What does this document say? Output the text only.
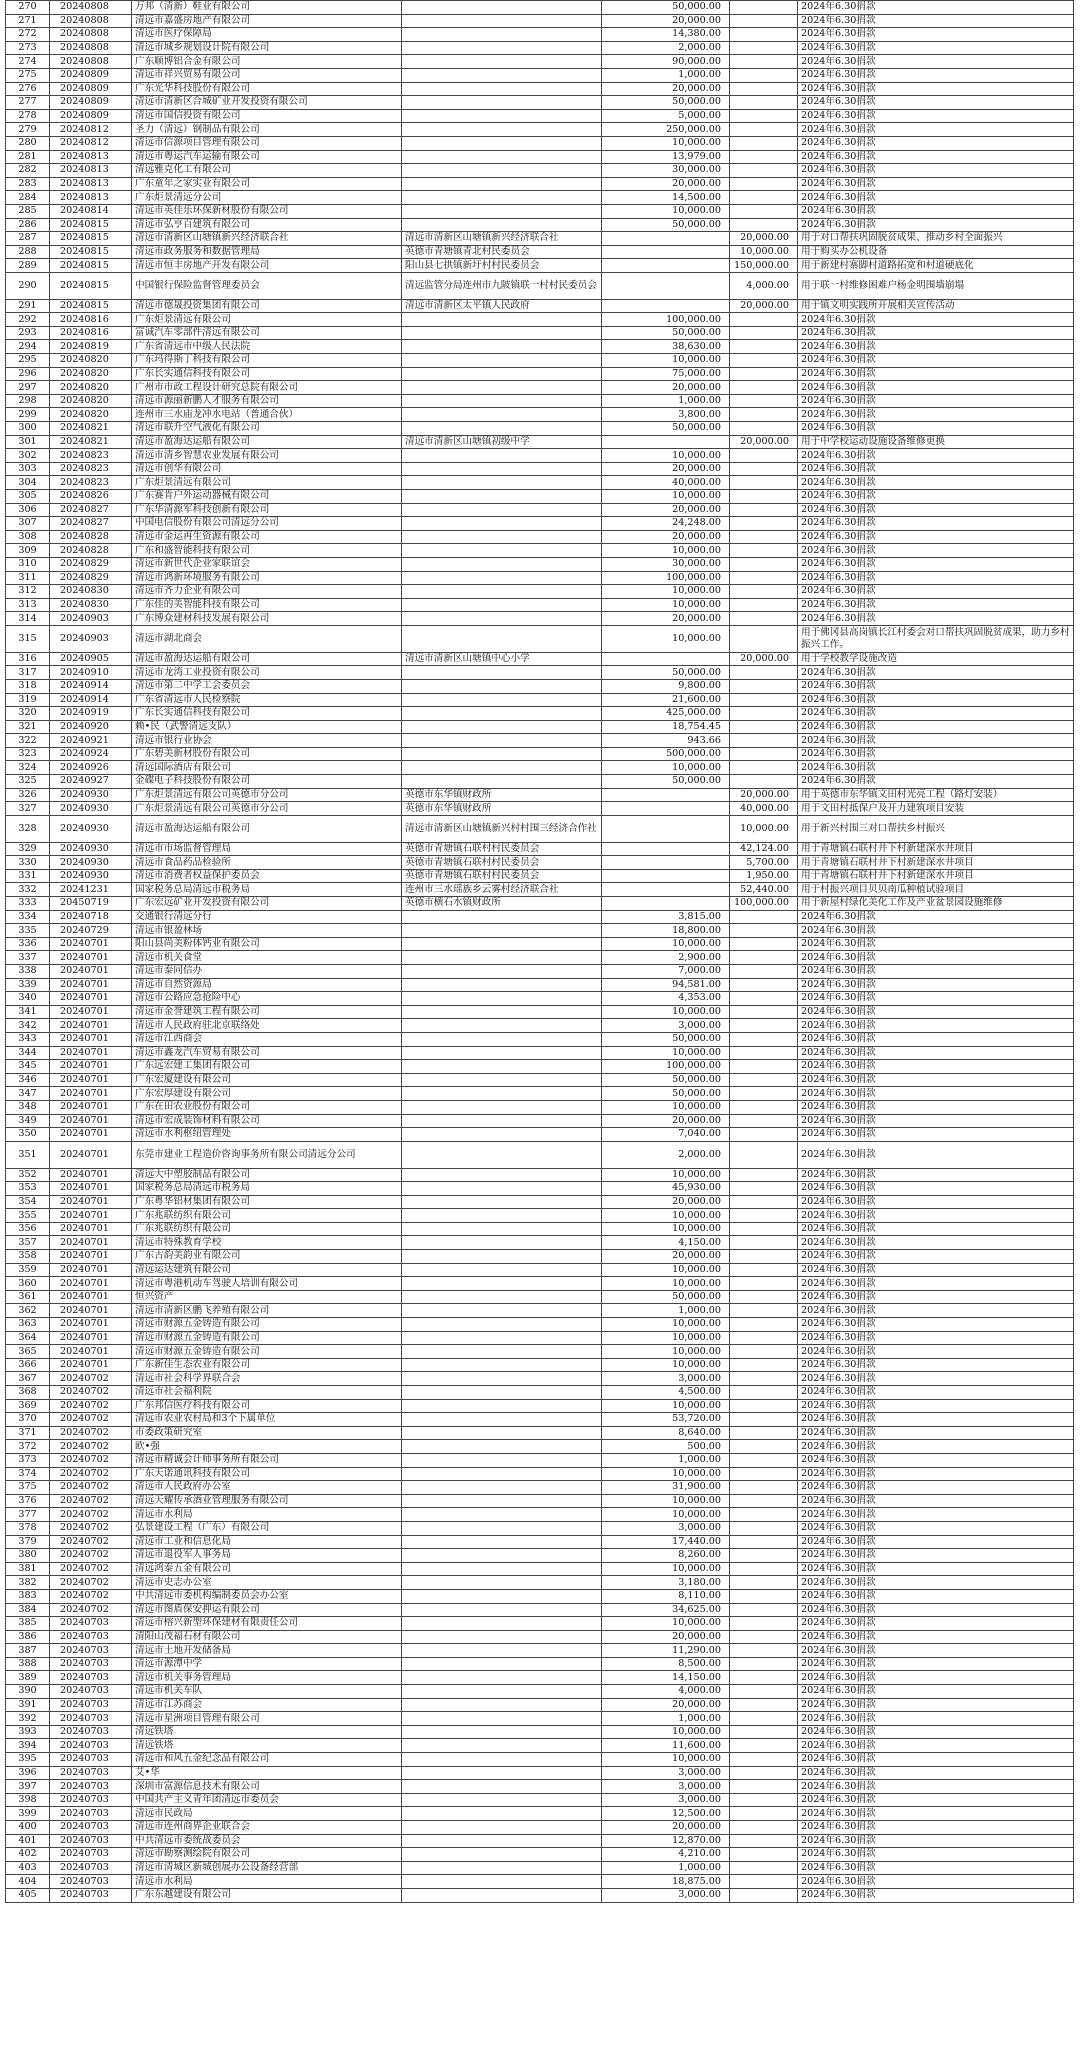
270	20240808	万邦（清新）鞋业有限公司		50,000.00		2024年6.30捐款
271	20240808	清远市嘉盛房地产有限公司		20,000.00		2024年6.30捐款
272	20240808	清远市医疗保障局		14,380.00		2024年6.30捐款
273	20240808	清远市城乡规划设计院有限公司		2,000.00		2024年6.30捐款
274	20240808	广东顺博铝合金有限公司		90,000.00		2024年6.30捐款
275	20240809	清远市祥兴贸易有限公司		1,000.00		2024年6.30捐款
276	20240809	广东光华科技股份有限公司		20,000.00		2024年6.30捐款
277	20240809	清远市清新区合城矿业开发投资有限公司		50,000.00		2024年6.30捐款
278	20240809	清远市国信投资有限公司		5,000.00		2024年6.30捐款
279	20240812	圣力（清远）钢制品有限公司		250,000.00		2024年6.30捐款
280	20240812	清远市信源项目管理有限公司		10,000.00		2024年6.30捐款
281	20240813	清远市粤运汽车运输有限公司		13,979.00		2024年6.30捐款
282	20240813	清远雅克化工有限公司		30,000.00		2024年6.30捐款
283	20240813	广东童年之家实业有限公司		20,000.00		2024年6.30捐款
284	20240813	广东炬景清远分公司		14,500.00		2024年6.30捐款
285	20240814	清远市英佳乐环保新材股份有限公司		10,000.00		2024年6.30捐款
286	20240815	清远市弘亨百建筑有限公司		50,000.00		2024年6.30捐款
287	20240815	清远市清新区山塘镇新兴经济联合社	清远市清新区山塘镇新兴经济联合社		20,000.00	用于对口帮扶巩固脱贫成果、推动乡村全面振兴
288	20240815	清远市政务服务和数据管理局	英德市青塘镇青北村民委员会		10,000.00	用于购买办公机设备
289	20240815	清远市恒丰房地产开发有限公司	阳山县七拱镇新圩村村民委员会		150,000.00	用于新建村寨脚村道路拓宽和村道硬底化
290	20240815	中国银行保险监督管理委员会	清远监管分局连州市九陂镇联一村村民委员会		4,000.00	用于联一村维修困难户杨金明围墙崩塌
291	20240815	清远市德晟投资集团有限公司	清远市清新区太平镇人民政府		20,000.00	用于镇文明实践所开展相关宣传活动
292	20240816	广东炬景清远有限公司		100,000.00		2024年6.30捐款
293	20240816	富诚汽车零部件清远有限公司		50,000.00		2024年6.30捐款
294	20240819	广东省清远市中级人民法院		38,630.00		2024年6.30捐款
295	20240820	广东玛得斯丁科技有限公司		10,000.00		2024年6.30捐款
296	20240820	广东长实通信科技有限公司		75,000.00		2024年6.30捐款
297	20240820	广州市市政工程设计研究总院有限公司		20,000.00		2024年6.30捐款
298	20240820	清远市源丽新鹏人才服务有限公司		1,000.00		2024年6.30捐款
299	20240820	连州市三水庙龙冲水电站（普通合伙）		3,800.00		2024年6.30捐款
300	20240821	清远市联升空气液化有限公司		50,000.00		2024年6.30捐款
301	20240821	清远市盈海达运船有限公司	清远市清新区山塘镇初级中学		20,000.00	用于中学校运动设施设备维修更换
302	20240823	清远市清乡智慧农业发展有限公司		10,000.00		2024年6.30捐款
303	20240823	清远市创华有限公司		20,000.00		2024年6.30捐款
304	20240823	广东炬景清远有限公司		40,000.00		2024年6.30捐款
305	20240826	广东赛肯户外运动器械有限公司		10,000.00		2024年6.30捐款
306	20240827	广东华清源军科技创新有限公司		20,000.00		2024年6.30捐款
307	20240827	中国电信股份有限公司清远分公司		24,248.00		2024年6.30捐款
308	20240828	清远市金运再生资源有限公司		20,000.00		2024年6.30捐款
309	20240828	广东和盛智能科技有限公司		10,000.00		2024年6.30捐款
310	20240829	清远市新世代企业家联谊会		30,000.00		2024年6.30捐款
311	20240829	清远市鸿新环境服务有限公司		100,000.00		2024年6.30捐款
312	20240830	清远市齐力企业有限公司		10,000.00		2024年6.30捐款
313	20240830	广东佳的美智能科技有限公司		10,000.00		2024年6.30捐款
314	20240903	广东博众建材科技发展有限公司		20,000.00		2024年6.30捐款
315	20240903	清远市湖北商会		10,000.00		用于佛冈县高岗镇长江村委会对口帮扶巩固脱贫成果，助力乡村振兴工作。
316	20240905	清远市盈海达运船有限公司	清远市清新区山塘镇中心小学		20,000.00	用于学校教学设施改造
317	20240910	清远市龙湾工业投资有限公司		50,000.00		2024年6.30捐款
318	20240914	清远市第二中学工会委员会		9,800.00		2024年6.30捐款
319	20240914	广东省清远市人民检察院		21,600.00		2024年6.30捐款
320	20240919	广东长实通信科技有限公司		425,000.00		2024年6.30捐款
321	20240920	赖•民（武警清远支队）		18,754.45		2024年6.30捐款
322	20240921	清远市银行业协会		943.66		2024年6.30捐款
323	20240924	广东碧美新材股份有限公司		500,000.00		2024年6.30捐款
324	20240926	清远国际酒店有限公司		10,000.00		2024年6.30捐款
325	20240927	金碟电子科技股份有限公司		50,000.00		2024年6.30捐款
326	20240930	广东炬景清远有限公司英德市分公司	英德市东华镇财政所		20,000.00	用于英德市东华镇文田村光亮工程（路灯安装）
327	20240930	广东炬景清远有限公司英德市分公司	英德市东华镇财政所		40,000.00	用于文田村抵保户及开力建筑项目安装
328	20240930	清远市盈海达运船有限公司	清远市清新区山塘镇新兴村村围三经济合作社		10,000.00	用于新兴村围三对口帮扶乡村振兴
329	20240930	清远市市场监督管理局	英德市青塘镇石联村村民委员会		42,124.00	用于青塘镇石联村井下村新建深水井项目
330	20240930	清远市食品药品检验所	英德市青塘镇石联村村民委员会		5,700.00	用于青塘镇石联村井下村新建深水井项目
331	20240930	清远市消费者权益保护委员会	英德市青塘镇石联村村民委员会		1,950.00	用于青塘镇石联村井下村新建深水井项目
332	20241231	国家税务总局清远市税务局	连州市三水瑶族乡云雾村经济联合社		52,440.00	用于村振兴项目贝贝南瓜种植试验项目
333	20450719	广东宏远矿业开发投资有限公司	英德市横石水镇财政所		100,000.00	用于新屋村绿化美化工作及产业盆景园设施维修
334	20240718	交通银行清远分行		3,815.00		2024年6.30捐款
335	20240729	清远市银盈林场		18,800.00		2024年6.30捐款
336	20240701	阳山县尚美粉体钙业有限公司		10,000.00		2024年6.30捐款
337	20240701	清远市机关食堂		2,900.00		2024年6.30捐款
338	20240701	清远市泰同信办		7,000.00		2024年6.30捐款
339	20240701	清远市自然资源局		94,581.00		2024年6.30捐款
340	20240701	清远市公路应急抢险中心		4,353.00		2024年6.30捐款
341	20240701	清远市金誉建筑工程有限公司		10,000.00		2024年6.30捐款
342	20240701	清远市人民政府驻北京联络处		3,000.00		2024年6.30捐款
343	20240701	清远市江西商会		50,000.00		2024年6.30捐款
344	20240701	清远市鑫龙汽车贸易有限公司		10,000.00		2024年6.30捐款
345	20240701	广东远宏建工集团有限公司		100,000.00		2024年6.30捐款
346	20240701	广东宏厦建设有限公司		50,000.00		2024年6.30捐款
347	20240701	广东宏厚建设有限公司		50,000.00		2024年6.30捐款
348	20240701	广东在田农业股份有限公司		10,000.00		2024年6.30捐款
349	20240701	清远市宏成装饰材料有限公司		20,000.00		2024年6.30捐款
350	20240701	清远市水利枢纽管理处		7,040.00		2024年6.30捐款
351	20240701	东莞市建业工程造价咨询事务所有限公司清远分公司		2,000.00		2024年6.30捐款
352	20240701	清远大中塑胶制品有限公司		10,000.00		2024年6.30捐款
353	20240701	国家税务总局清远市税务局		45,930.00		2024年6.30捐款
354	20240701	广东粤华铝材集团有限公司		20,000.00		2024年6.30捐款
355	20240701	广东兆联纺织有限公司		10,000.00		2024年6.30捐款
356	20240701	广东兆联纺织有限公司		10,000.00		2024年6.30捐款
357	20240701	清远市特殊教育学校		4,150.00		2024年6.30捐款
358	20240701	广东古韵美韵业有限公司		20,000.00		2024年6.30捐款
359	20240701	清远运达建筑有限公司		10,000.00		2024年6.30捐款
360	20240701	清远市粤港机动车驾驶人培训有限公司		10,000.00		2024年6.30捐款
361	20240701	恒兴资产		50,000.00		2024年6.30捐款
362	20240701	清远市清新区鹏飞养殖有限公司		1,000.00		2024年6.30捐款
363	20240701	清远市财源五金铸造有限公司		10,000.00		2024年6.30捐款
364	20240701	清远市财源五金铸造有限公司		10,000.00		2024年6.30捐款
365	20240701	清远市财源五金铸造有限公司		10,000.00		2024年6.30捐款
366	20240701	广东新佳生态农业有限公司		10,000.00		2024年6.30捐款
367	20240702	清远市社会科学界联合会		3,000.00		2024年6.30捐款
368	20240702	清远市社会福利院		4,500.00		2024年6.30捐款
369	20240702	广东邦信医疗科技有限公司		10,000.00		2024年6.30捐款
370	20240702	清远市农业农村局和3个下属单位		53,720.00		2024年6.30捐款
371	20240702	市委政策研究室		8,640.00		2024年6.30捐款
372	20240702	欧•强		500.00		2024年6.30捐款
373	20240702	清远市精诚会计师事务所有限公司		1,000.00		2024年6.30捐款
374	20240702	广东天诺通讯科技有限公司		10,000.00		2024年6.30捐款
375	20240702	清远市人民政府办公室		31,900.00		2024年6.30捐款
376	20240702	清远天耀传承酒业管理服务有限公司		10,000.00		2024年6.30捐款
377	20240702	清远市水利局		10,000.00		2024年6.30捐款
378	20240702	弘景建设工程（广东）有限公司		3,000.00		2024年6.30捐款
379	20240702	清远市工业和信息化局		17,440.00		2024年6.30捐款
380	20240702	清远市退役军人事务局		8,260.00		2024年6.30捐款
381	20240702	清远鸿泰五金有限公司		10,000.00		2024年6.30捐款
382	20240702	清远市史志办公室		3,180.00		2024年6.30捐款
383	20240702	中共清远市委机构编制委员会办公室		8,110.00		2024年6.30捐款
384	20240702	清远市图盾保安押运有限公司		34,625.00		2024年6.30捐款
385	20240703	清远市榕兴新型环保建材有限责任公司		10,000.00		2024年6.30捐款
386	20240703	清阳山茂福石材有限公司		20,000.00		2024年6.30捐款
387	20240703	清远市土地开发储备局		11,290.00		2024年6.30捐款
388	20240703	清远市源潭中学		8,500.00		2024年6.30捐款
389	20240703	清远市机关事务管理局		14,150.00		2024年6.30捐款
390	20240703	清远市机关车队		4,000.00		2024年6.30捐款
391	20240703	清远市江苏商会		20,000.00		2024年6.30捐款
392	20240703	清远市星洲项目管理有限公司		1,000.00		2024年6.30捐款
393	20240703	清远铁塔		10,000.00		2024年6.30捐款
394	20240703	清远铁塔		11,600.00		2024年6.30捐款
395	20240703	清远市和风五金纪念品有限公司		10,000.00		2024年6.30捐款
396	20240703	艾•华		3,000.00		2024年6.30捐款
397	20240703	深圳市富源信息技术有限公司		3,000.00		2024年6.30捐款
398	20240703	中国共产主义青年团清远市委员会		3,000.00		2024年6.30捐款
399	20240703	清远市民政局		12,500.00		2024年6.30捐款
400	20240703	清远市连州商界企业联合会		20,000.00		2024年6.30捐款
401	20240703	中共清远市委统战委员会		12,870.00		2024年6.30捐款
402	20240703	清远市勘察测绘院有限公司		4,210.00		2024年6.30捐款
403	20240703	清远市清城区新城创展办公设备经营部		1,000.00		2024年6.30捐款
404	20240703	清远市水利局		18,875.00		2024年6.30捐款
405	20240703	广东东越建设有限公司		3,000.00		2024年6.30捐款
